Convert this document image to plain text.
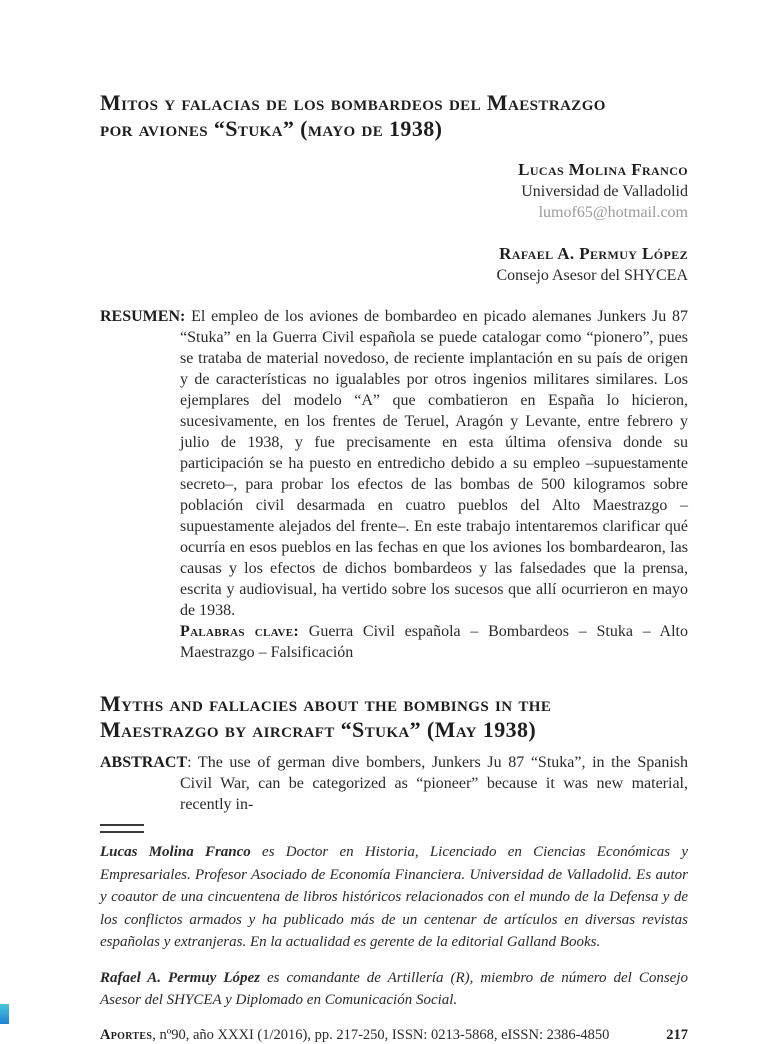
Mitos y falacias de los bombardeos del Maestrazgo
por aviones “Stuka” (mayo de 1938)
Lucas Molina Franco
Universidad de Valladolid
lumof65@hotmail.com
Rafael A. Permuy López
Consejo Asesor del SHYCEA
RESUMEN: El empleo de los aviones de bombardeo en picado alemanes Junkers Ju 87 “Stuka” en la Guerra Civil española se puede catalogar como “pionero”, pues se trataba de material novedoso, de reciente implantación en su país de origen y de características no igualables por otros ingenios militares similares. Los ejemplares del modelo “A” que combatieron en España lo hicieron, sucesivamente, en los frentes de Teruel, Aragón y Levante, entre febrero y julio de 1938, y fue precisamente en esta última ofensiva donde su participación se ha puesto en entredicho debido a su empleo –supuestamente secreto–, para probar los efectos de las bombas de 500 kilogramos sobre población civil desarmada en cuatro pueblos del Alto Maestrazgo –supuestamente alejados del frente–. En este trabajo intentaremos clarificar qué ocurría en esos pueblos en las fechas en que los aviones los bombardearon, las causas y los efectos de dichos bombardeos y las falsedades que la prensa, escrita y audiovisual, ha vertido sobre los sucesos que allí ocurrieron en mayo de 1938.
Palabras clave: Guerra Civil española – Bombardeos – Stuka – Alto Maestrazgo – Falsificación
Myths and fallacies about the bombings in the
Maestrazgo by aircraft “Stuka” (May 1938)
ABSTRACT: The use of german dive bombers, Junkers Ju 87 “Stuka”, in the Spanish Civil War, can be categorized as “pioneer” because it was new material, recently in-
Lucas Molina Franco es Doctor en Historia, Licenciado en Ciencias Económicas y Empresariales. Profesor Asociado de Economía Financiera. Universidad de Valladolid. Es autor y coautor de una cincuentena de libros históricos relacionados con el mundo de la Defensa y de los conflictos armados y ha publicado más de un centenar de artículos en diversas revistas españolas y extranjeras. En la actualidad es gerente de la editorial Galland Books.
Rafael A. Permuy López es comandante de Artillería (R), miembro de número del Consejo Asesor del SHYCEA y Diplomado en Comunicación Social.
Aportes, nº90, año XXXI (1/2016), pp. 217-250, ISSN: 0213-5868, eISSN: 2386-4850	217
